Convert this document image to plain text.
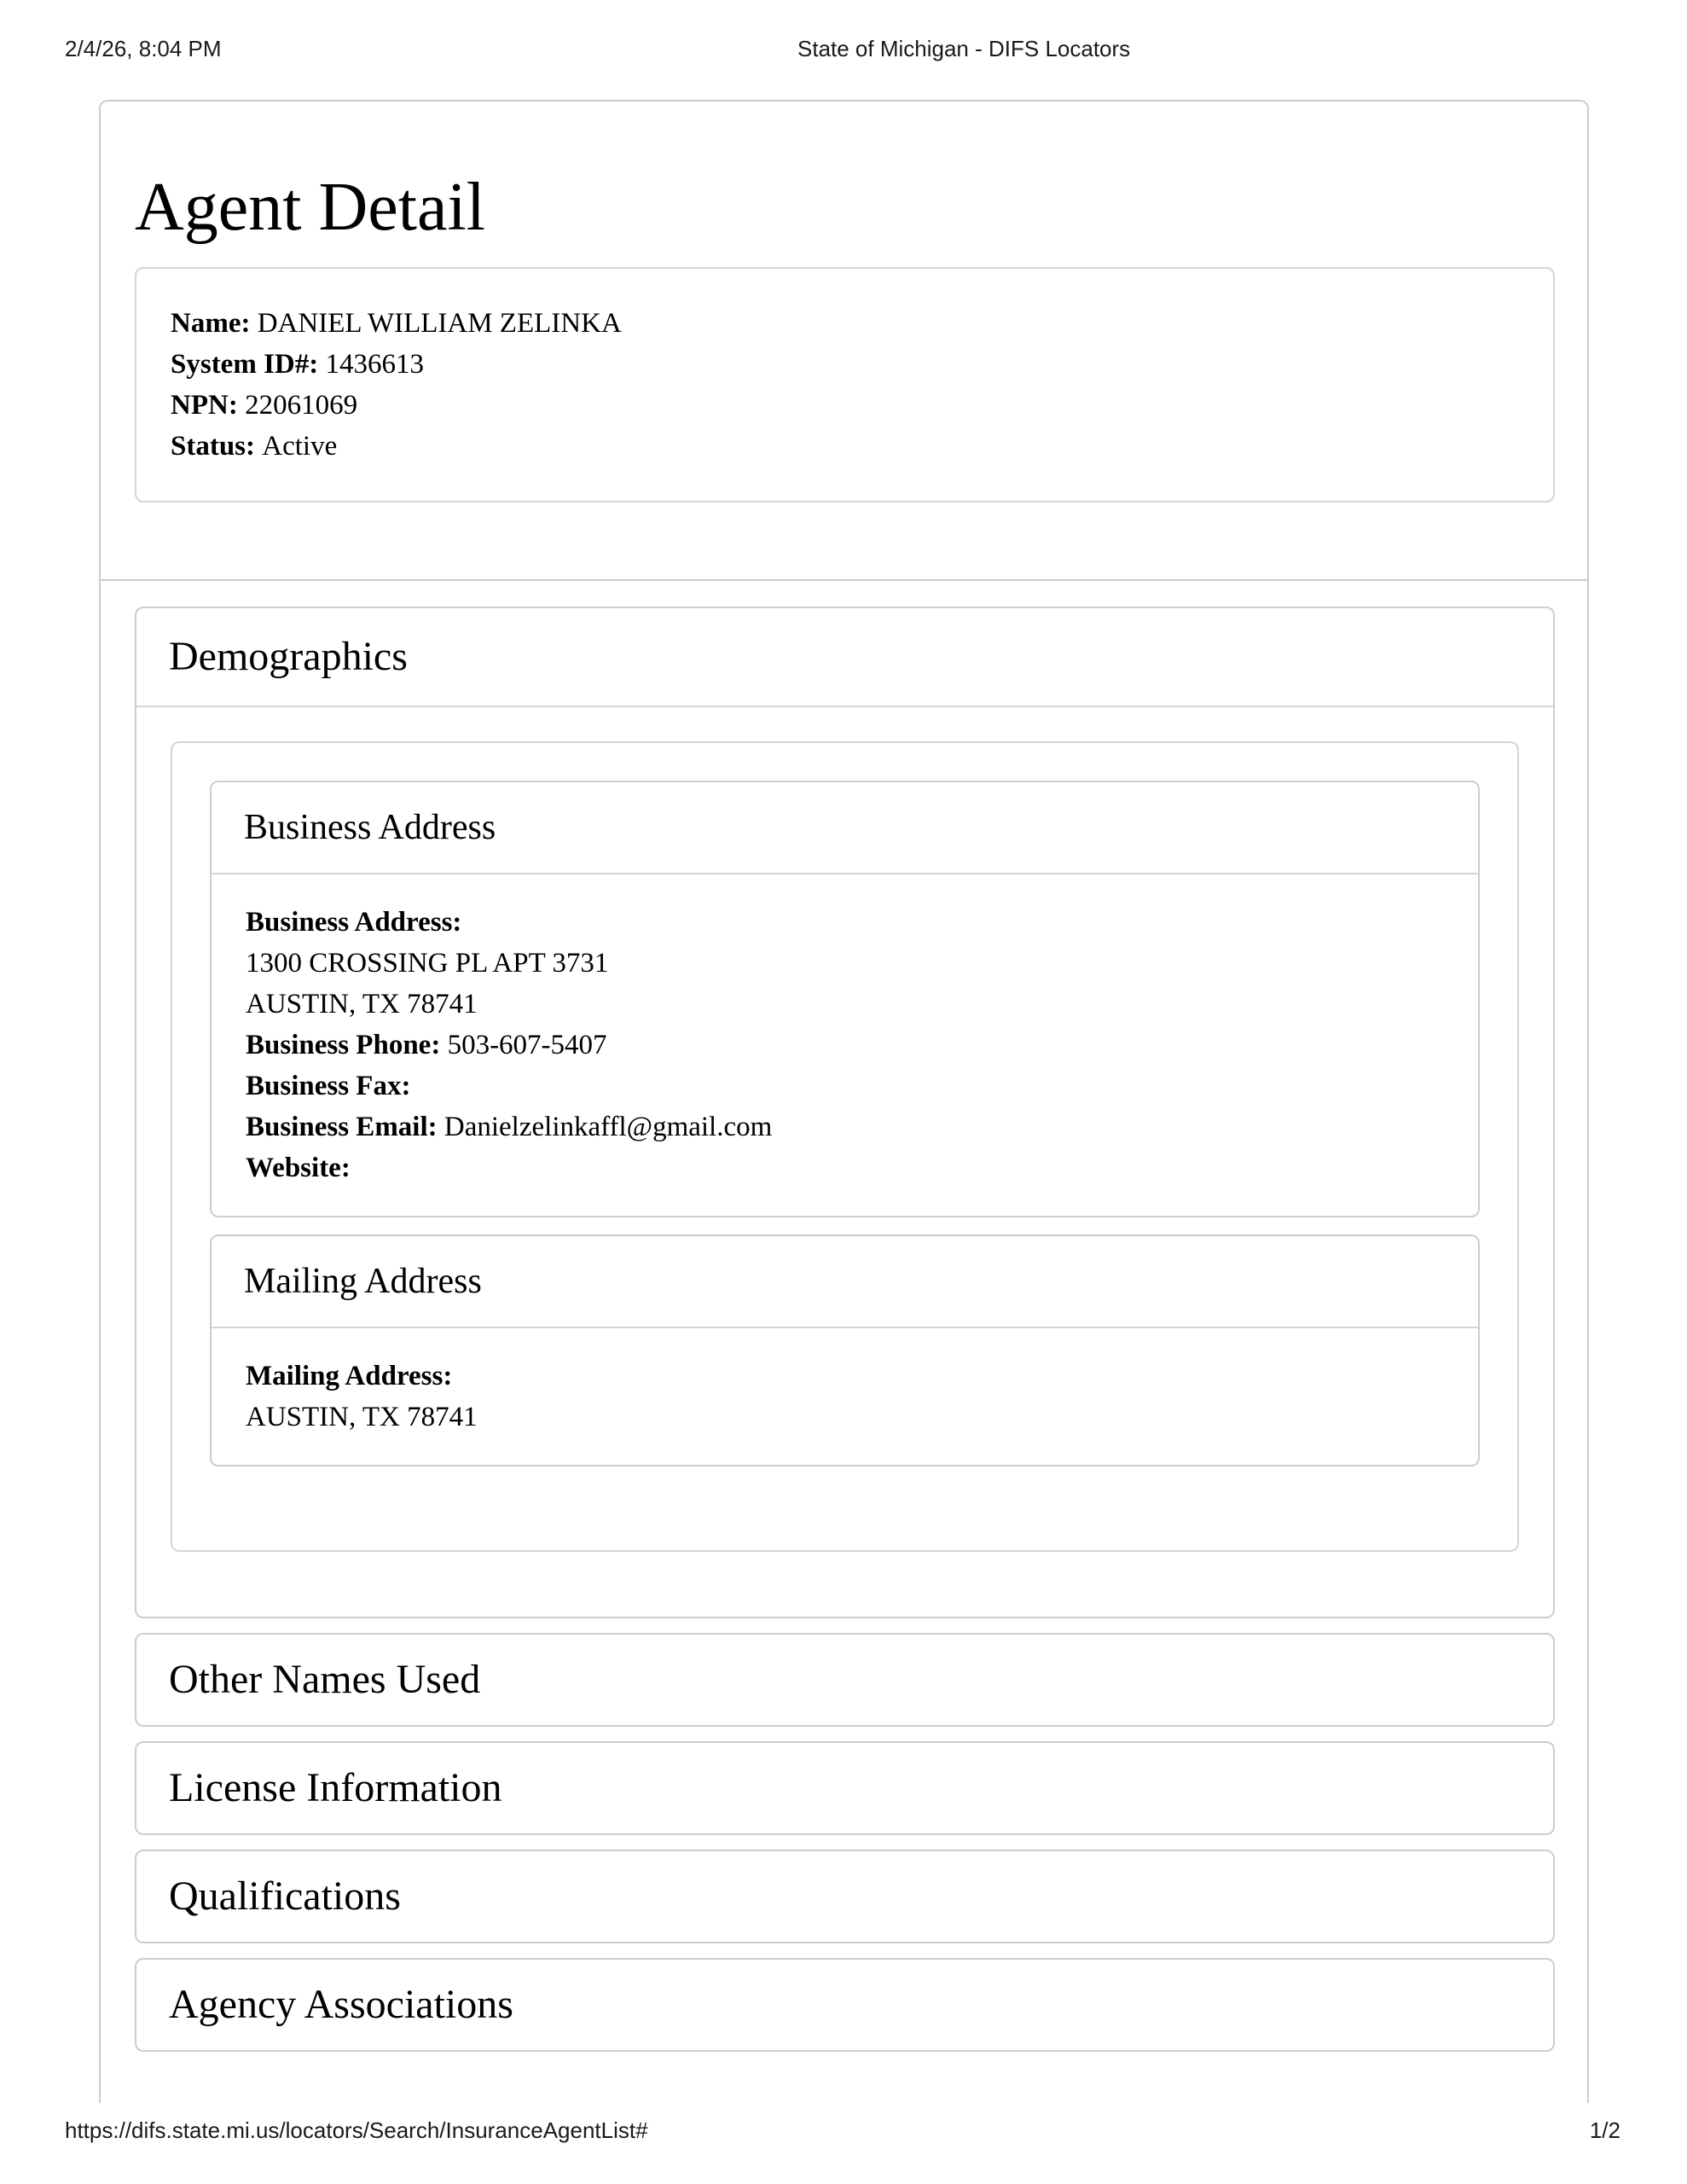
2/4/26, 8:04 PM	State of Michigan - DIFS Locators
Agent Detail
Name: DANIEL WILLIAM ZELINKA
System ID#: 1436613
NPN: 22061069
Status: Active
Demographics
Business Address
Business Address:
1300 CROSSING PL APT 3731
AUSTIN, TX 78741
Business Phone: 503-607-5407
Business Fax:
Business Email: Danielzelinkaffl@gmail.com
Website:
Mailing Address
Mailing Address:
AUSTIN, TX 78741
Other Names Used
License Information
Qualifications
Agency Associations
https://difs.state.mi.us/locators/Search/InsuranceAgentList#	1/2
